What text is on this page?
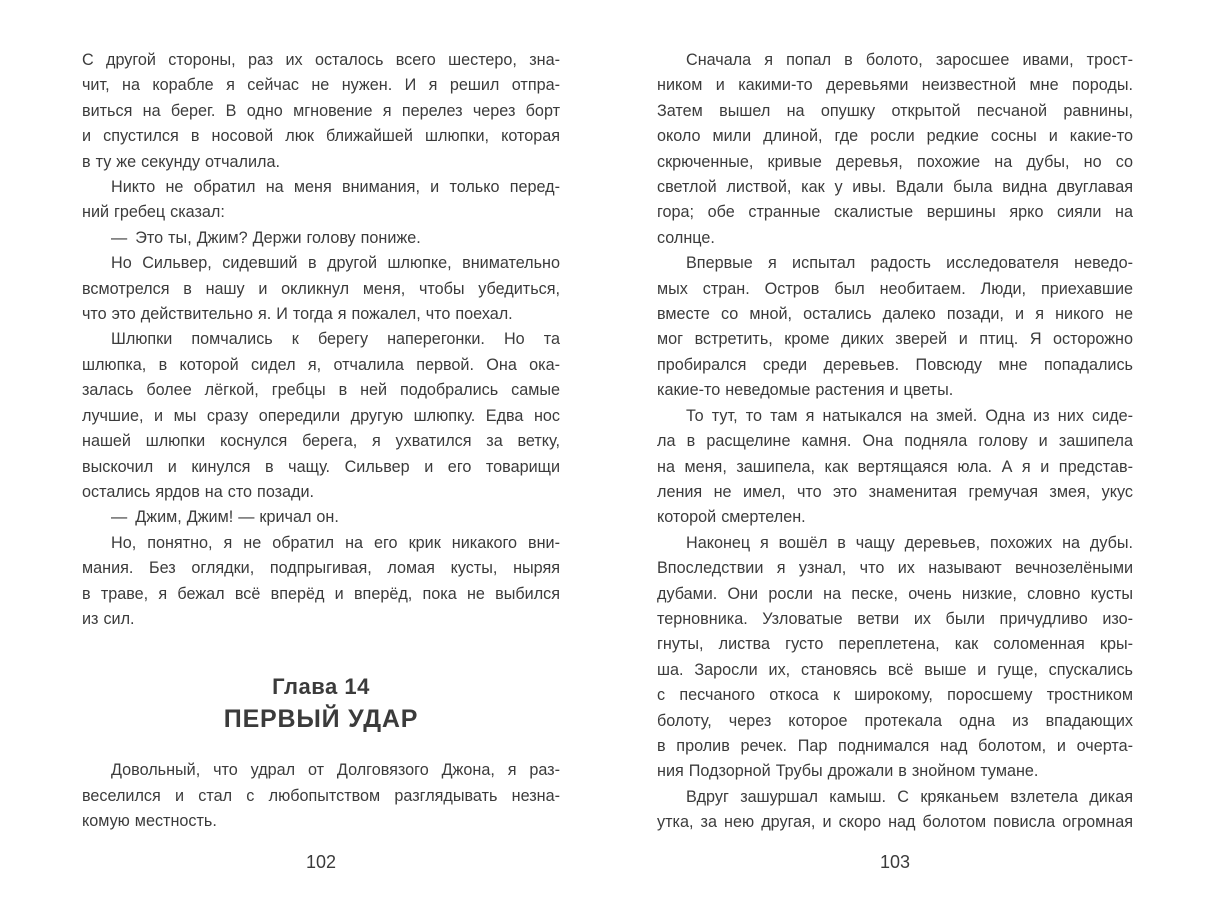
С другой стороны, раз их осталось всего шестеро, зна-
чит, на корабле я сейчас не нужен. И я решил отпра-
виться на берег. В одно мгновение я перелез через борт
и спустился в носовой люк ближайшей шлюпки, которая
в ту же секунду отчалила.
Никто не обратил на меня внимания, и только перед-
ний гребец сказал:
— Это ты, Джим? Держи голову пониже.
Но Сильвер, сидевший в другой шлюпке, внимательно
всмотрелся в нашу и окликнул меня, чтобы убедиться,
что это действительно я. И тогда я пожалел, что поехал.
Шлюпки помчались к берегу наперегонки. Но та
шлюпка, в которой сидел я, отчалила первой. Она ока-
залась более лёгкой, гребцы в ней подобрались самые
лучшие, и мы сразу опередили другую шлюпку. Едва нос
нашей шлюпки коснулся берега, я ухватился за ветку,
выскочил и кинулся в чащу. Сильвер и его товарищи
остались ярдов на сто позади.
— Джим, Джим! — кричал он.
Но, понятно, я не обратил на его крик никакого вни-
мания. Без оглядки, подпрыгивая, ломая кусты, ныряя
в траве, я бежал всё вперёд и вперёд, пока не выбился
из сил.
Глава 14
ПЕРВЫЙ УДАР
Довольный, что удрал от Долговязого Джона, я раз-
веселился и стал с любопытством разглядывать незна-
комую местность.
102
Сначала я попал в болото, заросшее ивами, трост-
ником и какими-то деревьями неизвестной мне породы.
Затем вышел на опушку открытой песчаной равнины,
около мили длиной, где росли редкие сосны и какие-то
скрюченные, кривые деревья, похожие на дубы, но со
светлой листвой, как у ивы. Вдали была видна двуглавая
гора; обе странные скалистые вершины ярко сияли на
солнце.
Впервые я испытал радость исследователя неведо-
мых стран. Остров был необитаем. Люди, приехавшие
вместе со мной, остались далеко позади, и я никого не
мог встретить, кроме диких зверей и птиц. Я осторожно
пробирался среди деревьев. Повсюду мне попадались
какие-то неведомые растения и цветы.
То тут, то там я натыкался на змей. Одна из них сиде-
ла в расщелине камня. Она подняла голову и зашипела
на меня, зашипела, как вертящаяся юла. А я и представ-
ления не имел, что это знаменитая гремучая змея, укус
которой смертелен.
Наконец я вошёл в чащу деревьев, похожих на дубы.
Впоследствии я узнал, что их называют вечнозелёными
дубами. Они росли на песке, очень низкие, словно кусты
терновника. Узловатые ветви их были причудливо изо-
гнуты, листва густо переплетена, как соломенная кры-
ша. Заросли их, становясь всё выше и гуще, спускались
с песчаного откоса к широкому, поросшему тростником
болоту, через которое протекала одна из впадающих
в пролив речек. Пар поднимался над болотом, и очерта-
ния Подзорной Трубы дрожали в знойном тумане.
Вдруг зашуршал камыш. С кряканьем взлетела дикая
утка, за нею другая, и скоро над болотом повисла огромная
103
